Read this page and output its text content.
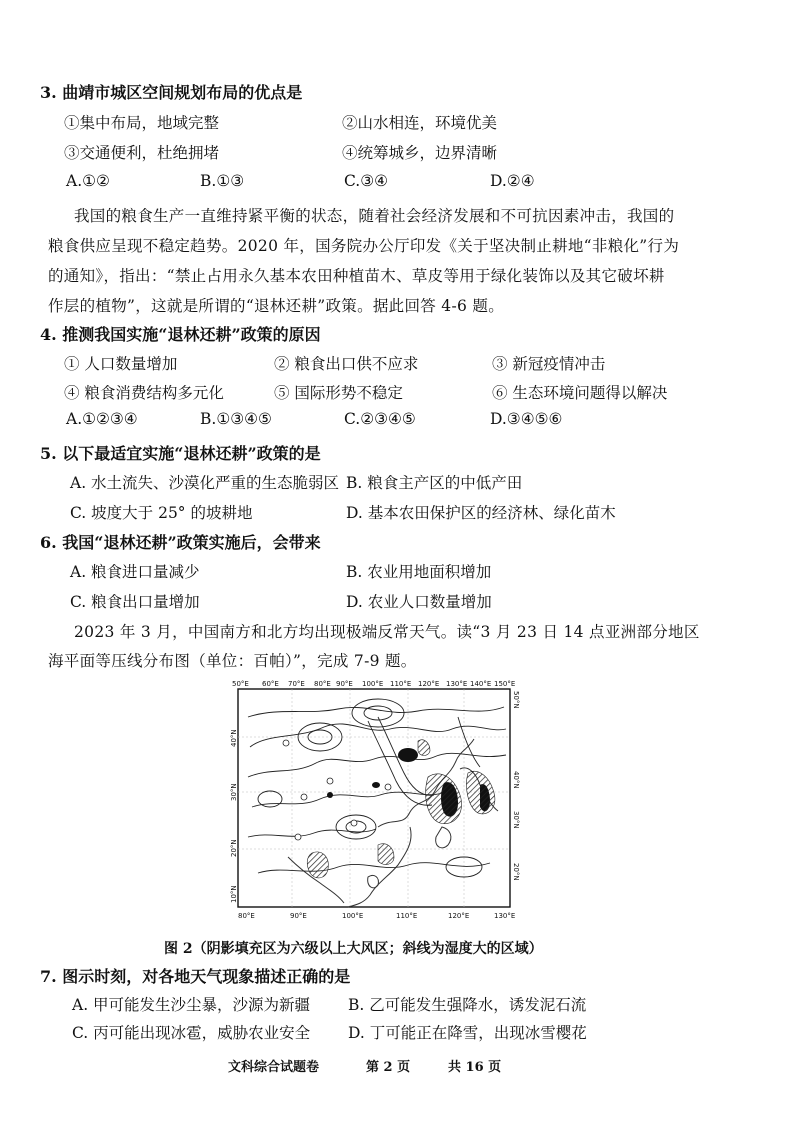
3. 曲靖市城区空间规划布局的优点是
①集中布局，地域完整	②山水相连，环境优美
③交通便利，杜绝拥堵	④统筹城乡，边界清晰
A.①②	B.①③	C.③④	D.②④
我国的粮食生产一直维持紧平衡的状态，随着社会经济发展和不可抗因素冲击，我国的
粮食供应呈现不稳定趋势。2020 年，国务院办公厅印发《关于坚决制止耕地“非粮化”行为
的通知》，指出：“禁止占用永久基本农田种植苗木、草皮等用于绿化装饰以及其它破坏耕
作层的植物”，这就是所谓的“退林还耕”政策。据此回答 4-6 题。
4. 推测我国实施“退林还耕”政策的原因
① 人口数量增加	② 粮食出口供不应求	③ 新冠疫情冲击
④ 粮食消费结构多元化	⑤ 国际形势不稳定	⑥ 生态环境问题得以解决
A.①②③④	B.①③④⑤	C.②③④⑤	D.③④⑤⑥
5. 以下最适宜实施“退林还耕”政策的是
A. 水土流失、沙漠化严重的生态脆弱区 B. 粮食主产区的中低产田
C. 坡度大于 25° 的坡耕地	D. 基本农田保护区的经济林、绿化苗木
6. 我国“退林还耕”政策实施后，会带来
A. 粮食进口量减少	B. 农业用地面积增加
C. 粮食出口量增加	D. 农业人口数量增加
2023 年 3 月，中国南方和北方均出现极端反常天气。读“3 月 23 日 14 点亚洲部分地区
海平面等压线分布图（单位：百帕）”，完成 7-9 题。
50°E 60°E 70°E 80°E 90°E 100°E 110°E 120°E 130°E 140°E 150°E
80°E	90°E	100°E	110°E	120°E	130°E
40°N
30°N
20°N
10°N
50°N
40°N
30°N
20°N
图 2（阴影填充区为六级以上大风区；斜线为湿度大的区域）
7. 图示时刻，对各地天气现象描述正确的是
A. 甲可能发生沙尘暴，沙源为新疆 B. 乙可能发生强降水，诱发泥石流
C. 丙可能出现冰雹，威胁农业安全 D. 丁可能正在降雪，出现冰雪樱花
文科综合试题卷	第 2 页	共 16 页
